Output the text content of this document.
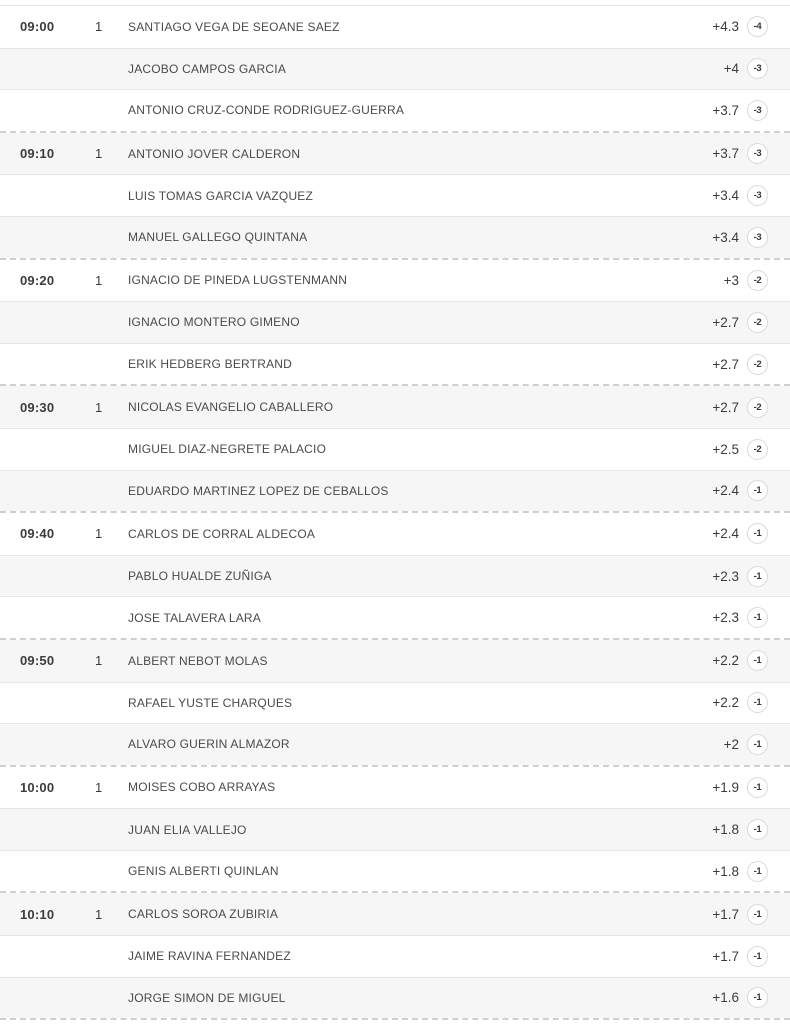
09:00	1	SANTIAGO VEGA DE SEOANE SAEZ	+4.3	-4
JACOBO CAMPOS GARCIA	+4	-3
ANTONIO CRUZ-CONDE RODRIGUEZ-GUERRA	+3.7	-3
09:10	1	ANTONIO JOVER CALDERON	+3.7	-3
LUIS TOMAS GARCIA VAZQUEZ	+3.4	-3
MANUEL GALLEGO QUINTANA	+3.4	-3
09:20	1	IGNACIO DE PINEDA LUGSTENMANN	+3	-2
IGNACIO MONTERO GIMENO	+2.7	-2
ERIK HEDBERG BERTRAND	+2.7	-2
09:30	1	NICOLAS EVANGELIO CABALLERO	+2.7	-2
MIGUEL DIAZ-NEGRETE PALACIO	+2.5	-2
EDUARDO MARTINEZ LOPEZ DE CEBALLOS	+2.4	-1
09:40	1	CARLOS DE CORRAL ALDECOA	+2.4	-1
PABLO HUALDE ZUÑIGA	+2.3	-1
JOSE TALAVERA LARA	+2.3	-1
09:50	1	ALBERT NEBOT MOLAS	+2.2	-1
RAFAEL YUSTE CHARQUES	+2.2	-1
ALVARO GUERIN ALMAZOR	+2	-1
10:00	1	MOISES COBO ARRAYAS	+1.9	-1
JUAN ELIA VALLEJO	+1.8	-1
GENIS ALBERTI QUINLAN	+1.8	-1
10:10	1	CARLOS SOROA ZUBIRIA	+1.7	-1
JAIME RAVINA FERNANDEZ	+1.7	-1
JORGE SIMON DE MIGUEL	+1.6	-1
